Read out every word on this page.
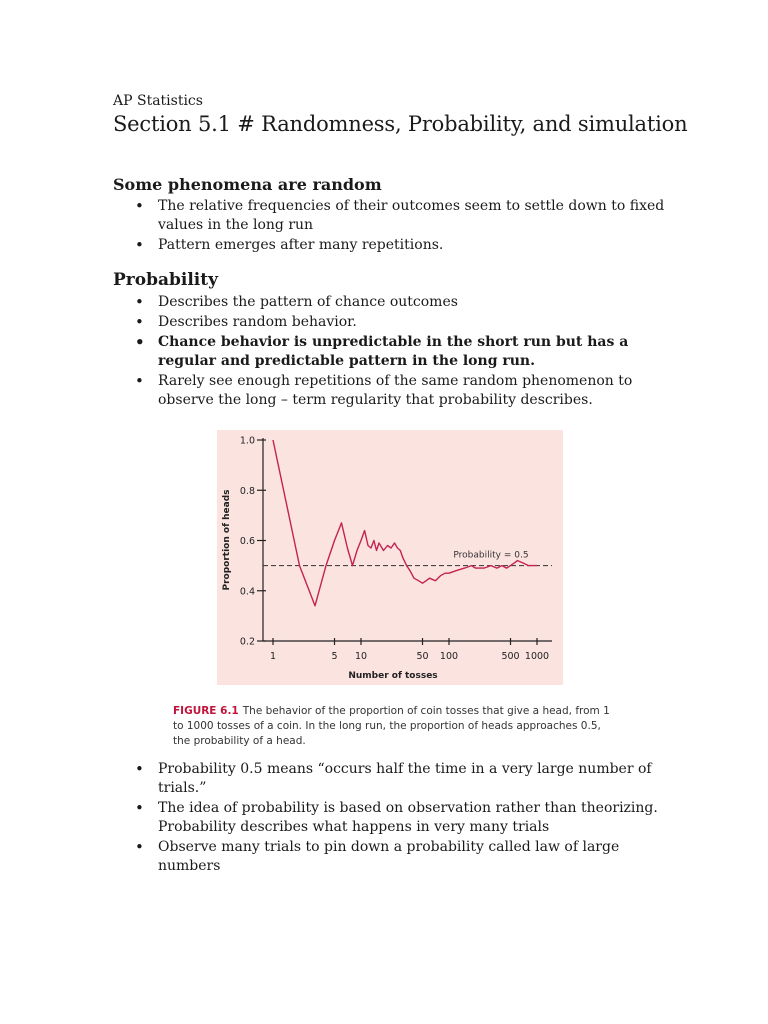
AP Statistics
Section 5.1 # Randomness, Probability, and simulation
Some phenomena are random
• The relative frequencies of their outcomes seem to settle down to fixed values in the long run
• Pattern emerges after many repetitions.
Probability
• Describes the pattern of chance outcomes
• Describes random behavior.
• Chance behavior is unpredictable in the short run but has a regular and predictable pattern in the long run.
• Rarely see enough repetitions of the same random phenomenon to observe the long – term regularity that probability describes.
0.2
0.4
0.6
0.8
1.0
1	5 10	50 100	500 1000
Probability = 0.5
Proportion of heads
Number of tosses
FIGURE 6.1 The behavior of the proportion of coin tosses that give a head, from 1 to 1000 tosses of a coin. In the long run, the proportion of heads approaches 0.5, the probability of a head.
• Probability 0.5 means “occurs half the time in a very large number of trials.”
• The idea of probability is based on observation rather than theorizing. Probability describes what happens in very many trials
• Observe many trials to pin down a probability called law of large numbers
